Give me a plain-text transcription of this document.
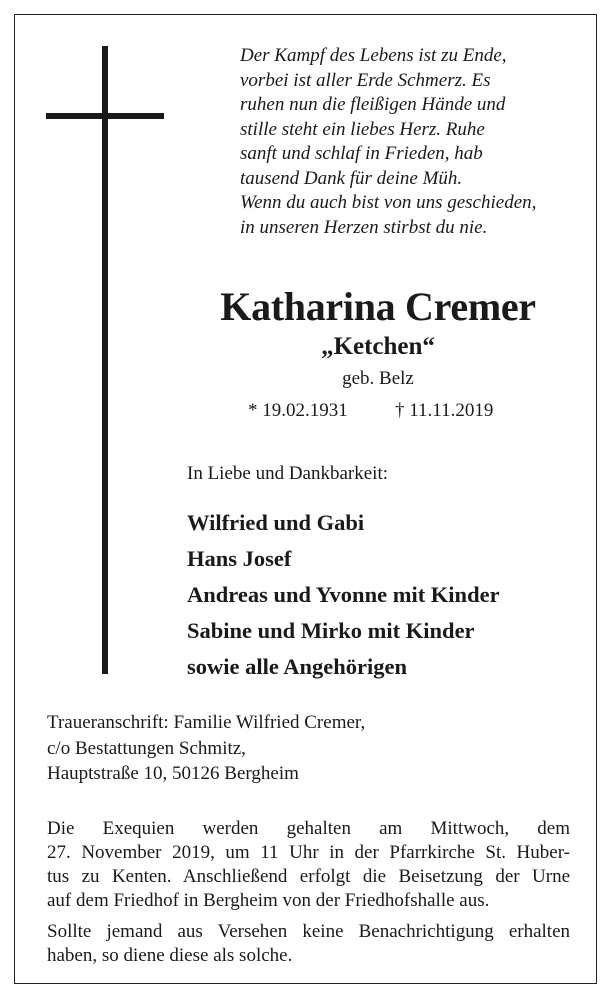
Der Kampf des Lebens ist zu Ende,
vorbei ist aller Erde Schmerz. Es
ruhen nun die fleißigen Hände und
stille steht ein liebes Herz. Ruhe
sanft und schlaf in Frieden, hab
tausend Dank für deine Müh.
Wenn du auch bist von uns geschieden,
in unseren Herzen stirbst du nie.
Katharina Cremer
„Ketchen“
geb. Belz
* 19.02.1931 † 11.11.2019
In Liebe und Dankbarkeit:
Wilfried und Gabi
Hans Josef
Andreas und Yvonne mit Kinder
Sabine und Mirko mit Kinder
sowie alle Angehörigen
Traueranschrift: Familie Wilfried Cremer,
c/o Bestattungen Schmitz,
Hauptstraße 10, 50126 Bergheim
Die Exequien werden gehalten am Mittwoch, dem
27. November 2019, um 11 Uhr in der Pfarrkirche St. Huber-
tus zu Kenten. Anschließend erfolgt die Beisetzung der Urne
auf dem Friedhof in Bergheim von der Friedhofshalle aus.
Sollte jemand aus Versehen keine Benachrichtigung erhalten
haben, so diene diese als solche.
